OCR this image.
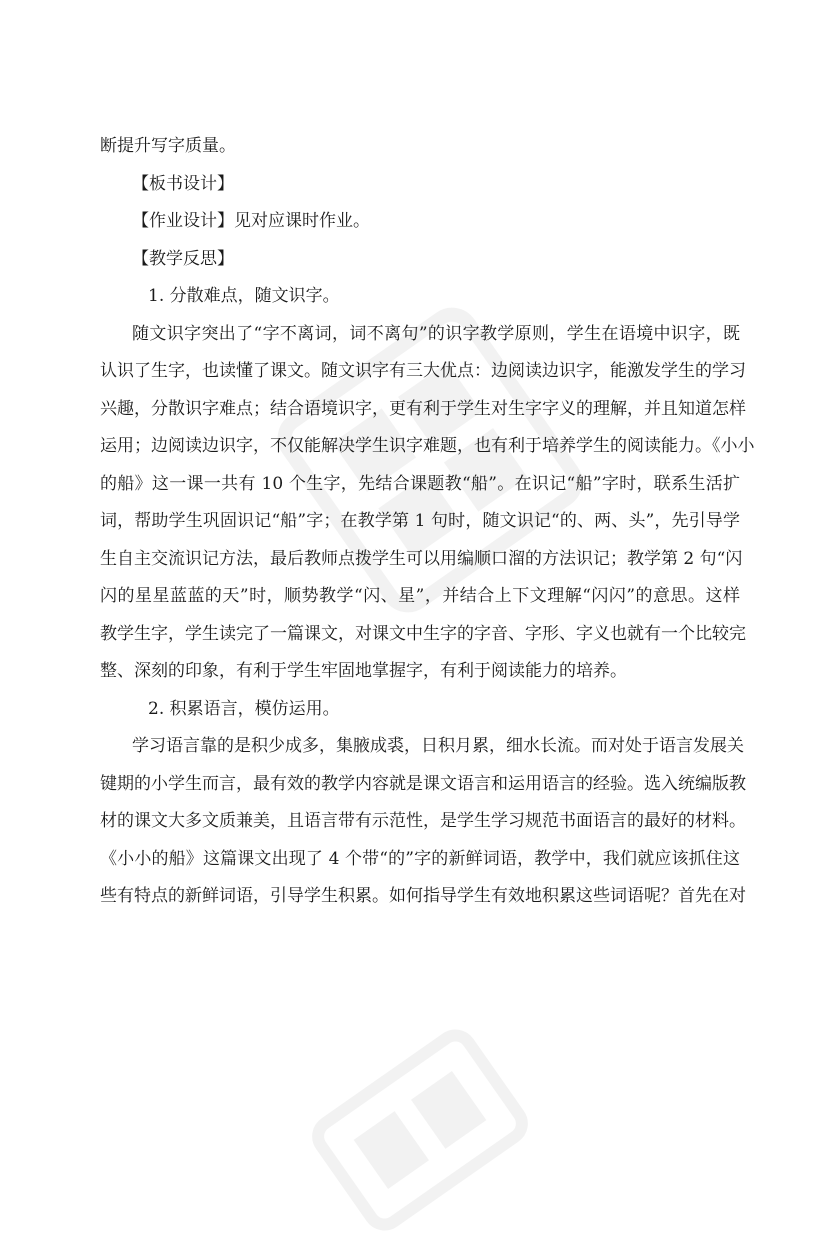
断提升写字质量。

【板书设计】

【作业设计】见对应课时作业。

【教学反思】

1. 分散难点，随文识字。

随文识字突出了“字不离词，词不离句”的识字教学原则，学生在语境中识字，既

认识了生字，也读懂了课文。随文识字有三大优点：边阅读边识字，能激发学生的学习

兴趣，分散识字难点；结合语境识字，更有利于学生对生字字义的理解，并且知道怎样

运用；边阅读边识字，不仅能解决学生识字难题，也有利于培养学生的阅读能力。《小小

的船》这一课一共有 10 个生字，先结合课题教“船”。在识记“船”字时，联系生活扩

词，帮助学生巩固识记“船”字；在教学第 1 句时，随文识记“的、两、头”，先引导学

生自主交流识记方法，最后教师点拨学生可以用编顺口溜的方法识记；教学第 2 句“闪

闪的星星蓝蓝的天”时，顺势教学“闪、星”，并结合上下文理解“闪闪”的意思。这样

教学生字，学生读完了一篇课文，对课文中生字的字音、字形、字义也就有一个比较完

整、深刻的印象，有利于学生牢固地掌握字，有利于阅读能力的培养。

2. 积累语言，模仿运用。

学习语言靠的是积少成多，集腋成裘，日积月累，细水长流。而对处于语言发展关

键期的小学生而言，最有效的教学内容就是课文语言和运用语言的经验。选入统编版教

材的课文大多文质兼美，且语言带有示范性，是学生学习规范书面语言的最好的材料。

《小小的船》这篇课文出现了 4 个带“的”字的新鲜词语，教学中，我们就应该抓住这

些有特点的新鲜词语，引导学生积累。如何指导学生有效地积累这些词语呢？首先在对
